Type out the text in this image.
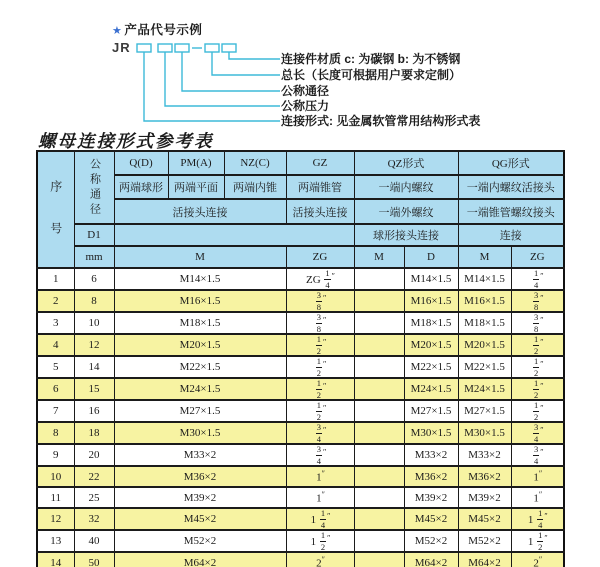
★ 产品代号示例
JR
连接件材质 c: 为碳钢 b: 为不锈钢
总长（长度可根据用户要求定制）
公称通径
公称压力
连接形式: 见金属软管常用结构形式表
螺母连接形式参考表
序号	公称通径	Q(D)	PM(A)	NZ(C)	GZ	QZ形式		QG形式	
		两端球形	两端平面	两端内锥	两端锥管	一端内螺纹		一端内螺纹活接头	
		活接头连接			活接头连接	一端外螺纹		一端锥管螺纹接头	
	D1					球形接头连接		连接	
	mm	M			ZG	M	D	M	ZG
1	6	M14×1.5			ZG $\frac{1}{4} ''$		M14×1.5	M14×1.5	$\frac{1}{4} ''$
2	8	M16×1.5			$\frac{3}{8} ''$		M16×1.5	M16×1.5	$\frac{3}{8} ''$
3	10	M18×1.5			$\frac{3}{8} ''$		M18×1.5	M18×1.5	$\frac{3}{8} ''$
4	12	M20×1.5			$\frac{1}{2} ''$		M20×1.5	M20×1.5	$\frac{1}{2} ''$
5	14	M22×1.5			$\frac{1}{2} ''$		M22×1.5	M22×1.5	$\frac{1}{2} ''$
6	15	M24×1.5			$\frac{1}{2} ''$		M24×1.5	M24×1.5	$\frac{1}{2} ''$
7	16	M27×1.5			$\frac{1}{2} ''$		M27×1.5	M27×1.5	$\frac{1}{2} ''$
8	18	M30×1.5			$\frac{3}{4} ''$		M30×1.5	M30×1.5	$\frac{3}{4} ''$
9	20	M33×2			$\frac{3}{4} ''$		M33×2	M33×2	$\frac{3}{4} ''$
10	22	M36×2			1″		M36×2	M36×2	1″
11	25	M39×2			1″		M39×2	M39×2	1″
12	32	M45×2			$1 \frac{1}{4} ''$		M45×2	M45×2	$1 \frac{1}{4} ''$
13	40	M52×2			$1 \frac{1}{2} ''$		M52×2	M52×2	$1 \frac{1}{2} ''$
14	50	M64×2			2″		M64×2	M64×2	2″
